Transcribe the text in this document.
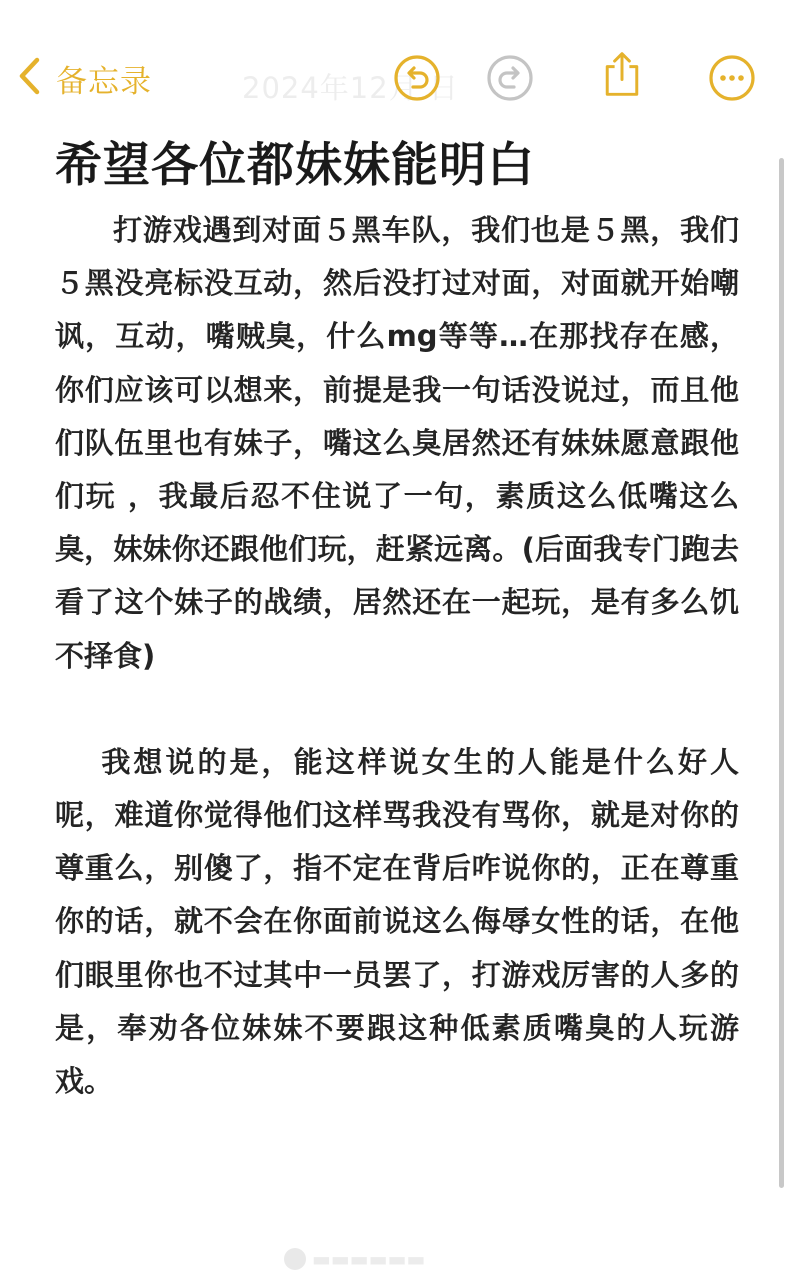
备忘录	2024年12月 日
希望各位都妹妹能明白

打游戏遇到对面５黑车队，我们也是５黑，我们５黑没亮标没互动，然后没打过对面，对面就开始嘲讽，互动，嘴贼臭，什么mg等等…在那找存在感，你们应该可以想来，前提是我一句话没说过，而且他们队伍里也有妹子，嘴这么臭居然还有妹妹愿意跟他们玩 ，我最后忍不住说了一句，素质这么低嘴这么臭，妹妹你还跟他们玩，赶紧远离。(后面我专门跑去看了这个妹子的战绩，居然还在一起玩，是有多么饥不择食)

我想说的是，能这样说女生的人能是什么好人呢，难道你觉得他们这样骂我没有骂你，就是对你的尊重么，别傻了，指不定在背后咋说你的，正在尊重你的话，就不会在你面前说这么侮辱女性的话，在他们眼里你也不过其中一员罢了，打游戏厉害的人多的是，奉劝各位妹妹不要跟这种低素质嘴臭的人玩游戏。

▬▬▬▬▬▬
